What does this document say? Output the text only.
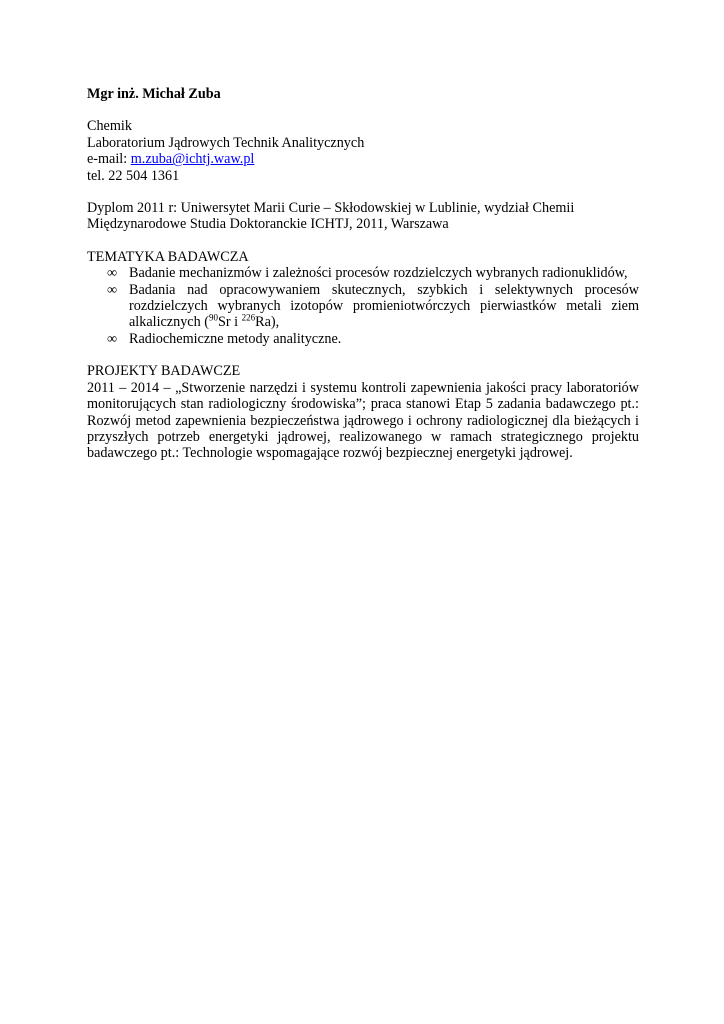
Mgr inż. Michał Zuba
Chemik
Laboratorium Jądrowych Technik Analitycznych
e-mail: m.zuba@ichtj.waw.pl
tel. 22 504 1361
Dyplom 2011 r: Uniwersytet Marii Curie – Skłodowskiej w Lublinie, wydział Chemii
Międzynarodowe Studia Doktoranckie ICHTJ, 2011, Warszawa
TEMATYKA BADAWCZA
∞ Badanie mechanizmów i zależności procesów rozdzielczych wybranych radionuklidów,
∞ Badania nad opracowywaniem skutecznych, szybkich i selektywnych procesów rozdzielczych wybranych izotopów promieniotwórczych pierwiastków metali ziem alkalicznych ($^{90}$Sr i $^{226}$Ra),
∞ Radiochemiczne metody analityczne.
PROJEKTY BADAWCZE
2011 – 2014 – „Stworzenie narzędzi i systemu kontroli zapewnienia jakości pracy laboratoriów monitorujących stan radiologiczny środowiska”; praca stanowi Etap 5 zadania badawczego pt.: Rozwój metod zapewnienia bezpieczeństwa jądrowego i ochrony radiologicznej dla bieżących i przyszłych potrzeb energetyki jądrowej, realizowanego w ramach strategicznego projektu badawczego pt.: Technologie wspomagające rozwój bezpiecznej energetyki jądrowej.
